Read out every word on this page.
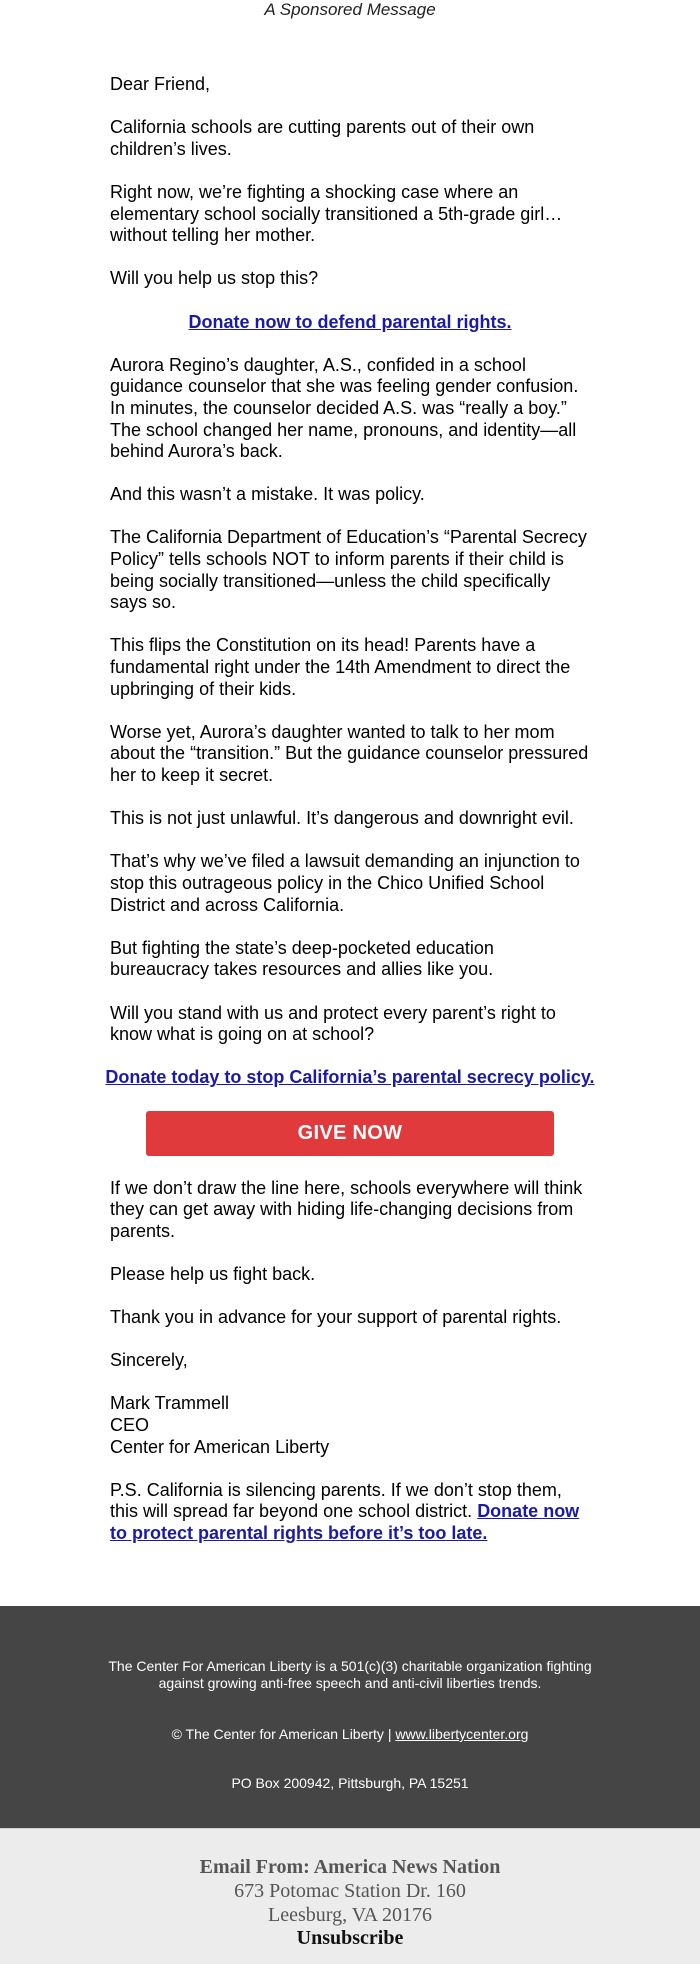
A Sponsored Message

Dear Friend,

California schools are cutting parents out of their own children’s lives.

Right now, we’re fighting a shocking case where an elementary school socially transitioned a 5th-grade girl… without telling her mother.

Will you help us stop this?

Donate now to defend parental rights.

Aurora Regino’s daughter, A.S., confided in a school guidance counselor that she was feeling gender confusion. In minutes, the counselor decided A.S. was “really a boy.” The school changed her name, pronouns, and identity—all behind Aurora’s back.

And this wasn’t a mistake. It was policy.

The California Department of Education’s “Parental Secrecy Policy” tells schools NOT to inform parents if their child is being socially transitioned—unless the child specifically says so.

This flips the Constitution on its head! Parents have a fundamental right under the 14th Amendment to direct the upbringing of their kids.

Worse yet, Aurora’s daughter wanted to talk to her mom about the “transition.” But the guidance counselor pressured her to keep it secret.

This is not just unlawful. It’s dangerous and downright evil.

That’s why we’ve filed a lawsuit demanding an injunction to stop this outrageous policy in the Chico Unified School District and across California.

But fighting the state’s deep-pocketed education bureaucracy takes resources and allies like you.

Will you stand with us and protect every parent’s right to know what is going on at school?

Donate today to stop California’s parental secrecy policy.

GIVE NOW

If we don’t draw the line here, schools everywhere will think they can get away with hiding life-changing decisions from parents.

Please help us fight back.

Thank you in advance for your support of parental rights.

Sincerely,

Mark Trammell
CEO
Center for American Liberty

P.S. California is silencing parents. If we don’t stop them, this will spread far beyond one school district. Donate now to protect parental rights before it’s too late.

The Center For American Liberty is a 501(c)(3) charitable organization fighting against growing anti-free speech and anti-civil liberties trends.
© The Center for American Liberty | www.libertycenter.org
PO Box 200942, Pittsburgh, PA 15251
Email From: America News Nation
673 Potomac Station Dr. 160
Leesburg, VA 20176
Unsubscribe
